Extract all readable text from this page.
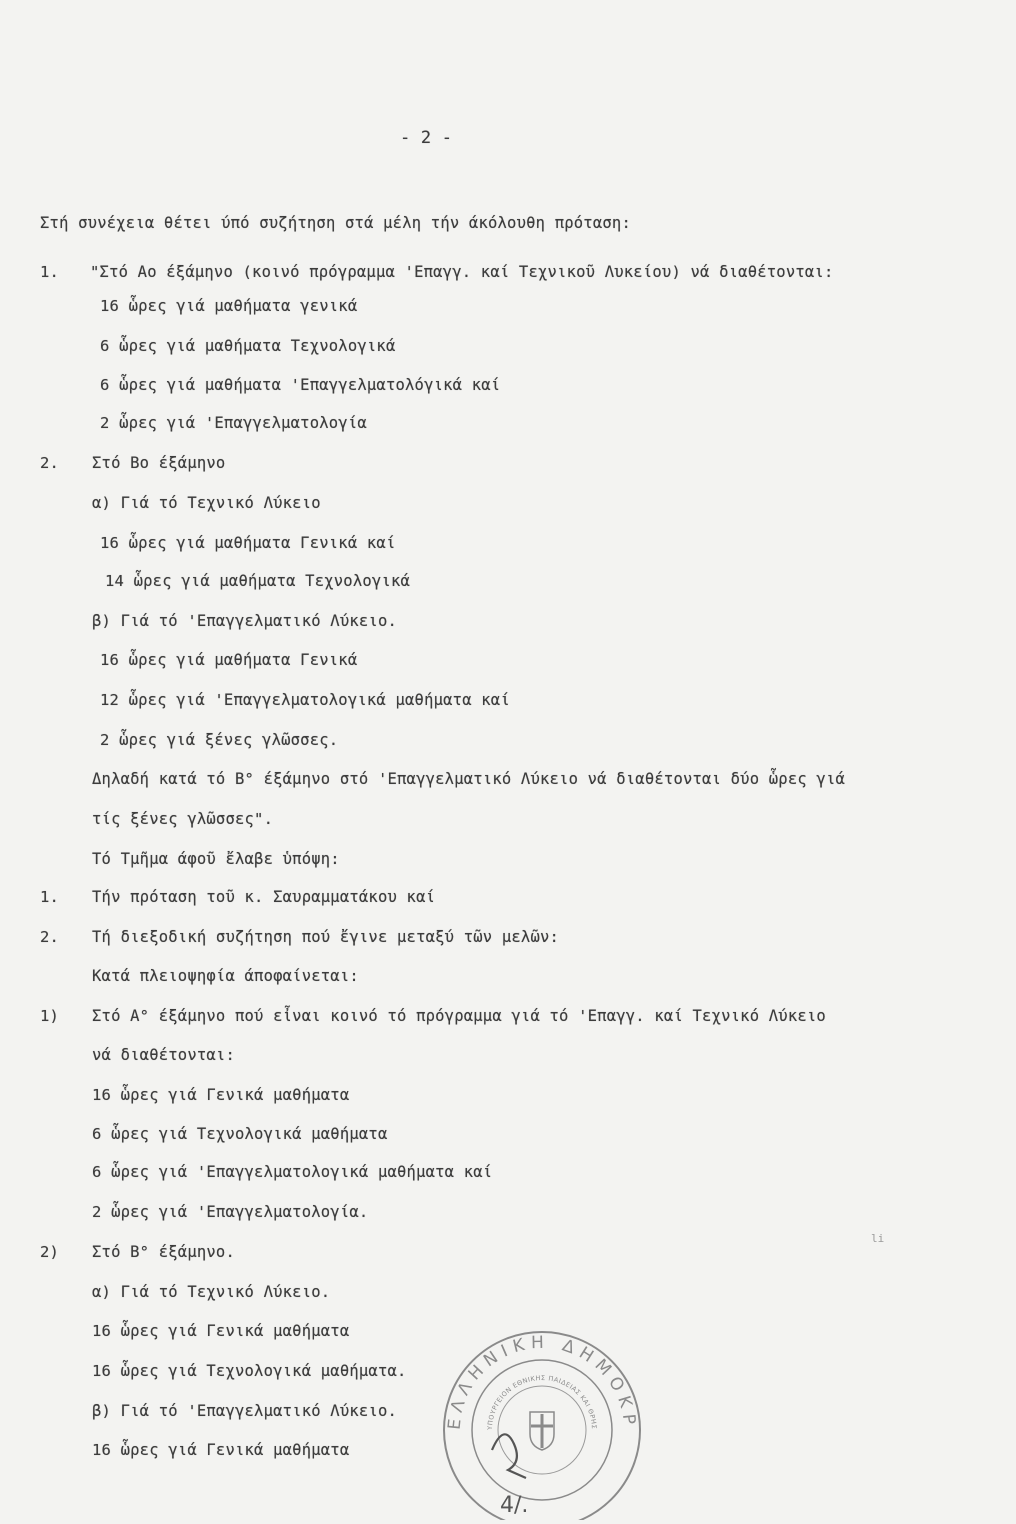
- 2 -
Στή συνέχεια θέτει ύπό συζήτηση στά μέλη τήν άκόλουθη πρόταση:
1. "Στό Αο έξάμηνο (κοινό πρόγραμμα 'Επαγγ. καί Τεχνικοῦ Λυκείου) νά διαθέτονται:
16 ὧρες γιά μαθήματα γενικά
6 ὧρες γιά μαθήματα Τεχνολογικά
6 ὧρες γιά μαθήματα 'Επαγγελματολόγικά καί
2 ὧρες γιά 'Επαγγελματολογία
2. Στό Βο έξάμηνο
α) Γιά τό Τεχνικό Λύκειο
16 ὧρες γιά μαθήματα Γενικά καί
14 ὧρες γιά μαθήματα Τεχνολογικά
β) Γιά τό 'Επαγγελματικό Λύκειο.
16 ὧρες γιά μαθήματα Γενικά
12 ὧρες γιά 'Επαγγελματολογικά μαθήματα καί
2 ὧρες γιά ξένες γλῶσσες.
Δηλαδή κατά τό Β° έξάμηνο στό 'Επαγγελματικό Λύκειο νά διαθέτονται δύο ὧρες γιά
τίς ξένες γλῶσσες".
Τό Τμῆμα άφοῦ ἔλαβε ὑπόψη:
1. Τήν πρόταση τοῦ κ. Σαυραμματάκου καί
2. Τή διεξοδική συζήτηση πού ἔγινε μεταξύ τῶν μελῶν:
Κατά πλειοψηφία άποφαίνεται:
1) Στό Α° έξάμηνο πού εἶναι κοινό τό πρόγραμμα γιά τό 'Επαγγ. καί Τεχνικό Λύκειο
νά διαθέτονται:
16 ὧρες γιά Γενικά μαθήματα
6 ὧρες γιά Τεχνολογικά μαθήματα
6 ὧρες γιά 'Επαγγελματολογικά μαθήματα καί
2 ὧρες γιά 'Επαγγελματολογία.
2) Στό Β° έξάμηνο.
α) Γιά τό Τεχνικό Λύκειο.
16 ὧρες γιά Γενικά μαθήματα
16 ὧρες γιά Τεχνολογικά μαθήματα.
β) Γιά τό 'Επαγγελματικό Λύκειο.
16 ὧρες γιά Γενικά μαθήματα
li
ΕΛΛΗΝΙΚΗ ΔΗΜΟΚΡ
ΥΠΟΥΡΓΕΙΟΝ ΕΘΝΙΚΗΣ ΠΑΙΔΕΙΑΣ ΚΑΙ ΘΡΗΣ
4/.
